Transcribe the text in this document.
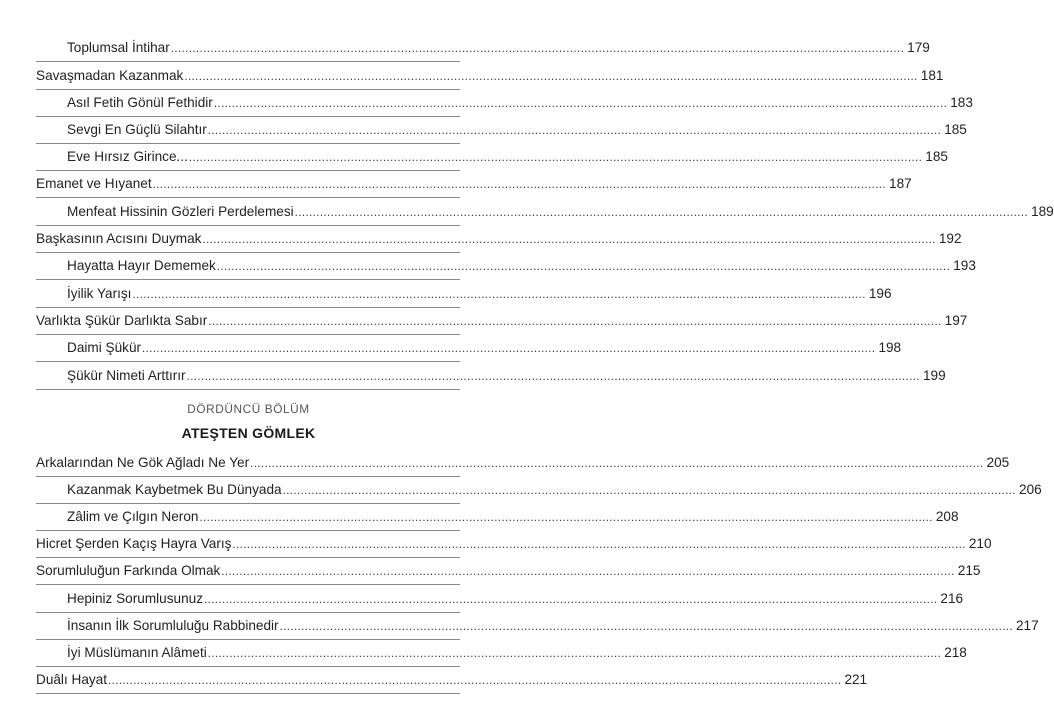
Toplumsal İntihar ............................................................................................................................................................................................................ 179
Savaşmadan Kazanmak ............................................................................................................................................................................................................ 181
Asıl Fetih Gönül Fethidir ............................................................................................................................................................................................................ 183
Sevgi En Güçlü Silahtır ............................................................................................................................................................................................................ 185
Eve Hırsız Girince... ............................................................................................................................................................................................................ 185
Emanet ve Hıyanet ............................................................................................................................................................................................................ 187
Menfeat Hissinin Gözleri Perdelemesi ............................................................................................................................................................................................................ 189
Başkasının Acısını Duymak ............................................................................................................................................................................................................ 192
Hayatta Hayır Dememek ............................................................................................................................................................................................................ 193
İyilik Yarışı ............................................................................................................................................................................................................ 196
Varlıkta Şükür Darlıkta Sabır ............................................................................................................................................................................................................ 197
Daimi Şükür ............................................................................................................................................................................................................ 198
Şükür Nimeti Arttırır ............................................................................................................................................................................................................ 199
DÖRDÜNCÜ BÖLÜM
ATEŞTEN GÖMLEK
Arkalarından Ne Gök Ağladı Ne Yer ............................................................................................................................................................................................................ 205
Kazanmak Kaybetmek Bu Dünyada ............................................................................................................................................................................................................ 206
Zâlim ve Çılgın Neron ............................................................................................................................................................................................................ 208
Hicret Şerden Kaçış Hayra Varış ............................................................................................................................................................................................................ 210
Sorumluluğun Farkında Olmak ............................................................................................................................................................................................................ 215
Hepiniz Sorumlusunuz ............................................................................................................................................................................................................ 216
İnsanın İlk Sorumluluğu Rabbinedir ............................................................................................................................................................................................................ 217
İyi Müslümanın Alâmeti ............................................................................................................................................................................................................ 218
Duâlı Hayat ............................................................................................................................................................................................................ 221
